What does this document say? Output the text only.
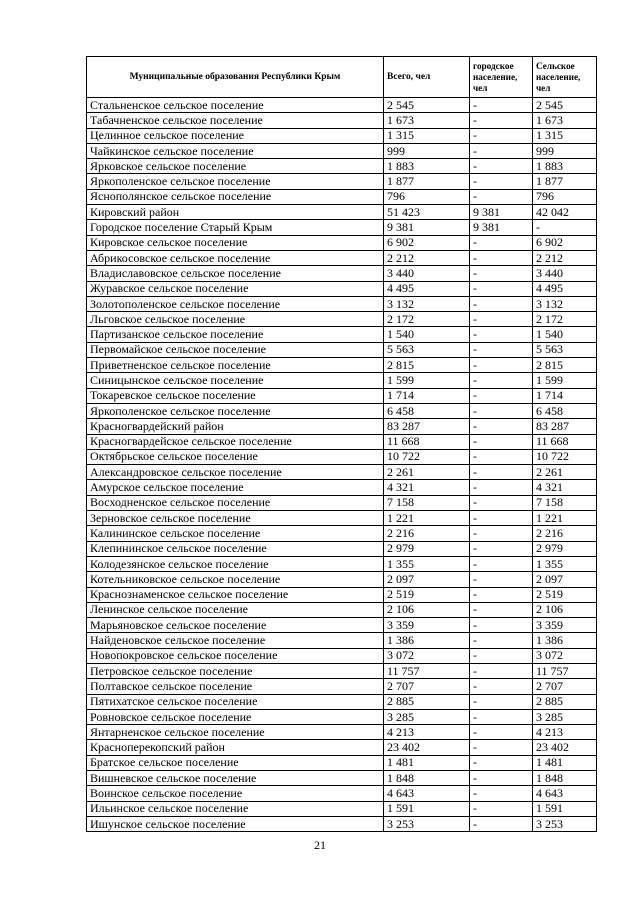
Муниципальные образования Республики Крым	Всего, чел	городское население, чел	Сельское население, чел
Стальненское сельское поселение	2 545	-	2 545
Табачненское сельское поселение	1 673	-	1 673
Целинное сельское поселение	1 315	-	1 315
Чайкинское сельское поселение	999	-	999
Ярковское сельское поселение	1 883	-	1 883
Яркополенское сельское поселение	1 877	-	1 877
Яснополянское сельское поселение	796	-	796
Кировский район	51 423	9 381	42 042
Городское поселение Старый Крым	9 381	9 381	-
Кировское сельское поселение	6 902	-	6 902
Абрикосовское сельское поселение	2 212	-	2 212
Владиславовское сельское поселение	3 440	-	3 440
Журавское сельское поселение	4 495	-	4 495
Золотополенское сельское поселение	3 132	-	3 132
Льговское сельское поселение	2 172	-	2 172
Партизанское сельское поселение	1 540	-	1 540
Первомайское сельское поселение	5 563	-	5 563
Приветненское сельское поселение	2 815	-	2 815
Синицынское сельское поселение	1 599	-	1 599
Токаревское сельское поселение	1 714	-	1 714
Яркополенское сельское поселение	6 458	-	6 458
Красногвардейский район	83 287	-	83 287
Красногвардейское сельское поселение	11 668	-	11 668
Октябрьское сельское поселение	10 722	-	10 722
Александровское сельское поселение	2 261	-	2 261
Амурское сельское поселение	4 321	-	4 321
Восходненское сельское поселение	7 158	-	7 158
Зерновское сельское поселение	1 221	-	1 221
Калининское сельское поселение	2 216	-	2 216
Клепининское сельское поселение	2 979	-	2 979
Колодезянское сельское поселение	1 355	-	1 355
Котельниковское сельское поселение	2 097	-	2 097
Краснознаменское сельское поселение	2 519	-	2 519
Ленинское сельское поселение	2 106	-	2 106
Марьяновское сельское поселение	3 359	-	3 359
Найденовское сельское поселение	1 386	-	1 386
Новопокровское сельское поселение	3 072	-	3 072
Петровское сельское поселение	11 757	-	11 757
Полтавское сельское поселение	2 707	-	2 707
Пятихатское сельское поселение	2 885	-	2 885
Ровновское сельское поселение	3 285	-	3 285
Янтарненское сельское поселение	4 213	-	4 213
Красноперекопский район	23 402	-	23 402
Братское сельское поселение	1 481	-	1 481
Вишневское сельское поселение	1 848	-	1 848
Воинское сельское поселение	4 643	-	4 643
Ильинское сельское поселение	1 591	-	1 591
Ишунское сельское поселение	3 253	-	3 253
21
